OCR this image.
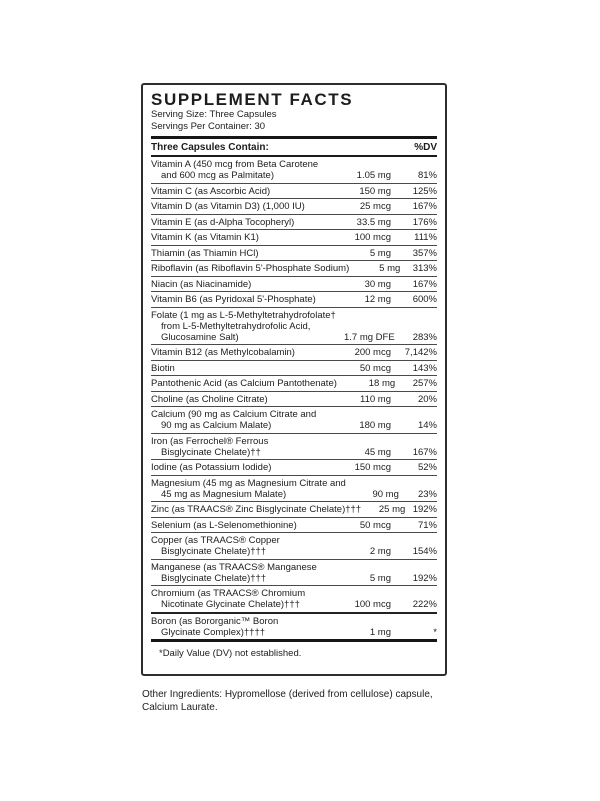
SUPPLEMENT FACTS
Serving Size: Three Capsules
Servings Per Container: 30
Three Capsules Contain:	%DV
Vitamin A (450 mcg from Beta Carotene
and 600 mcg as Palmitate)	1.05 mg	81%
Vitamin C (as Ascorbic Acid)	150 mg	125%
Vitamin D (as Vitamin D3) (1,000 IU)	25 mcg	167%
Vitamin E (as d-Alpha Tocopheryl)	33.5 mg	176%
Vitamin K (as Vitamin K1)	100 mcg	111%
Thiamin (as Thiamin HCl)	5 mg	357%
Riboflavin (as Riboflavin 5'-Phosphate Sodium)	5 mg	313%
Niacin (as Niacinamide)	30 mg	167%
Vitamin B6 (as Pyridoxal 5'-Phosphate)	12 mg	600%
Folate (1 mg as L-5-Methyltetrahydrofolate†
from L-5-Methyltetrahydrofolic Acid,
Glucosamine Salt)	1.7 mg DFE	283%
Vitamin B12 (as Methylcobalamin)	200 mcg	7,142%
Biotin	50 mcg	143%
Pantothenic Acid (as Calcium Pantothenate)	18 mg	257%
Choline (as Choline Citrate)	110 mg	20%
Calcium (90 mg as Calcium Citrate and
90 mg as Calcium Malate)	180 mg	14%
Iron (as Ferrochel® Ferrous
Bisglycinate Chelate)††	45 mg	167%
Iodine (as Potassium Iodide)	150 mcg	52%
Magnesium (45 mg as Magnesium Citrate and
45 mg as Magnesium Malate)	90 mg	23%
Zinc (as TRAACS® Zinc Bisglycinate Chelate)†††	25 mg 192%
Selenium (as L-Selenomethionine)	50 mcg	71%
Copper (as TRAACS® Copper
Bisglycinate Chelate)†††	2 mg	154%
Manganese (as TRAACS® Manganese
Bisglycinate Chelate)†††	5 mg	192%
Chromium (as TRAACS® Chromium
Nicotinate Glycinate Chelate)†††	100 mcg	222%
Boron (as Bororganic™ Boron
Glycinate Complex)††††	1 mg	*
*Daily Value (DV) not established.
Other Ingredients: Hypromellose (derived from cellulose) capsule, Calcium Laurate.
